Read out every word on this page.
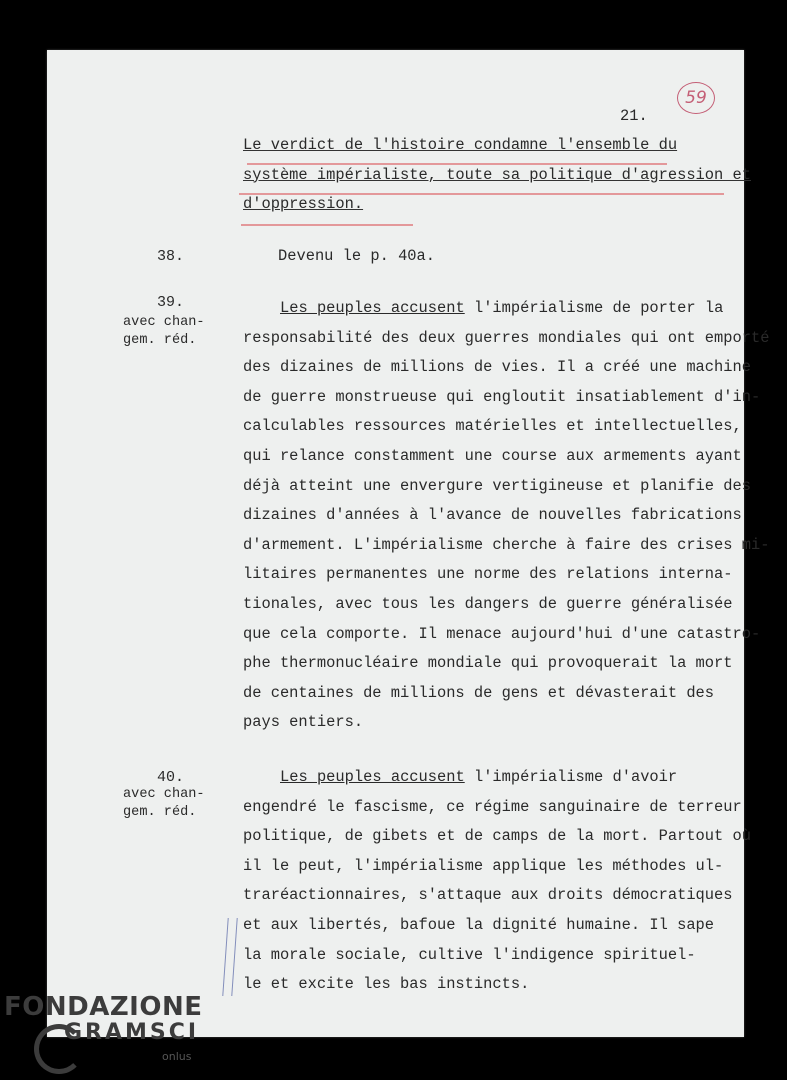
21.
59
Le verdict de l'histoire condamne l'ensemble du
système impérialiste, toute sa politique d'agression et
d'oppression.
38.	Devenu le p. 40a.
39.
avec chan-
gem. réd.
Les peuples accusent l'impérialisme de porter la
responsabilité des deux guerres mondiales qui ont emporté
des dizaines de millions de vies. Il a créé une machine
de guerre monstrueuse qui engloutit insatiablement d'in-
calculables ressources matérielles et intellectuelles,
qui relance constamment une course aux armements ayant
déjà atteint une envergure vertigineuse et planifie des
dizaines d'années à l'avance de nouvelles fabrications
d'armement. L'impérialisme cherche à faire des crises mi-
litaires permanentes une norme des relations interna-
tionales, avec tous les dangers de guerre généralisée
que cela comporte. Il menace aujourd'hui d'une catastro-
phe thermonucléaire mondiale qui provoquerait la mort
de centaines de millions de gens et dévasterait des
pays entiers.
40.
avec chan-
gem. réd.
Les peuples accusent l'impérialisme d'avoir
engendré le fascisme, ce régime sanguinaire de terreur
politique, de gibets et de camps de la mort. Partout où
il le peut, l'impérialisme applique les méthodes ul-
traréactionnaires, s'attaque aux droits démocratiques
et aux libertés, bafoue la dignité humaine. Il sape
la morale sociale, cultive l'indigence spirituel-
le et excite les bas instincts.
FONDAZIONE
GRAMSCI
onlus
